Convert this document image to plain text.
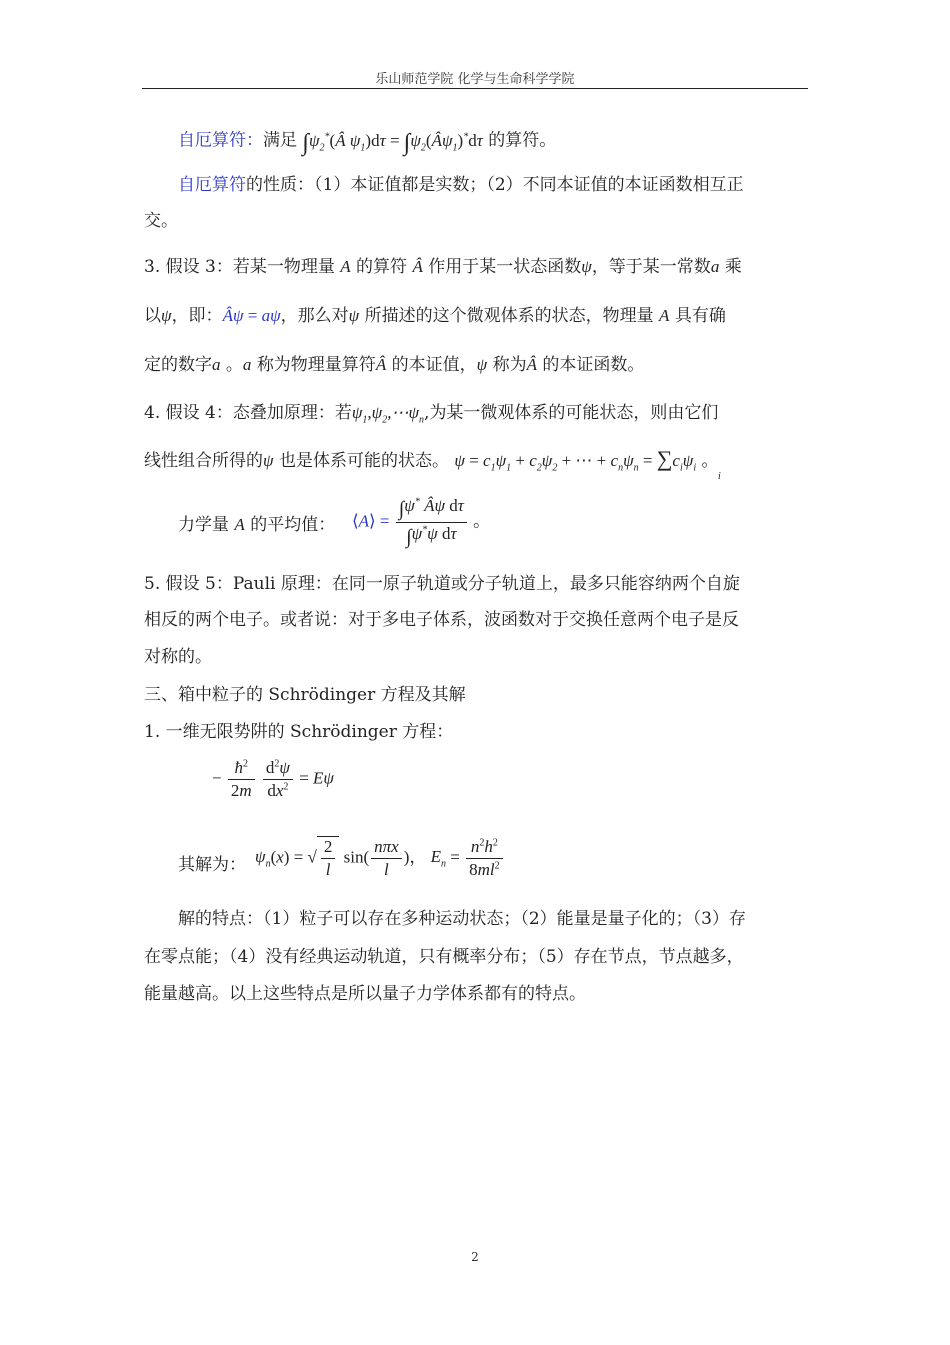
乐山师范学院 化学与生命科学学院
自厄算符：满足 $\int\psi_2^*(Â$ $\psi_1)d\tau$ = $\int\psi_2(Â\psi_1)^*d\tau$ 的算符。
自厄算符的性质：（1）本证值都是实数；（2）不同本证值的本证函数相互正
交。
3. 假设 3：若某一物理量 A 的算符 Â 作用于某一状态函数ψ，等于某一常数a 乘
以ψ，即：Âψ = aψ，那么对ψ 所描述的这个微观体系的状态，物理量 A 具有确
定的数字a 。a 称为物理量算符Â 的本证值，ψ 称为Â 的本证函数。
4. 假设 4：态叠加原理：若$\psi_1,\psi_2,\cdots\psi_n$,为某一微观体系的可能状态，则由它们
线性组合所得的ψ 也是体系可能的状态。 $\psi = c_1\psi_1 + c_2\psi_2$ + ⋯ + $c_n\psi_n = \sum c_i\psi_i$ 。
i
力学量 A 的平均值： ⟨A⟩ = $\frac{\int\psi^* Â\psi d\tau}{\int\psi^*\psi d\tau}$ 。
5. 假设 5：Pauli 原理：在同一原子轨道或分子轨道上，最多只能容纳两个自旋
相反的两个电子。或者说：对于多电子体系，波函数对于交换任意两个电子是反
对称的。
三、箱中粒子的 Schrödinger 方程及其解
1. 一维无限势阱的 Schrödinger 方程：
− $\frac{ħ^2}{2m}$
$\frac{d^2\psi}{dx^2} = E\psi$
其解为： $\psi_n(x)$ = √ $\frac{2}{l} \sin( \frac{\text{nπx}}{l}$ )， $E_n = \frac{n^2h^2}{8ml^2}$
解的特点：（1）粒子可以存在多种运动状态；（2）能量是量子化的；（3）存
在零点能；（4）没有经典运动轨道，只有概率分布；（5）存在节点，节点越多，
能量越高。以上这些特点是所以量子力学体系都有的特点。
2
